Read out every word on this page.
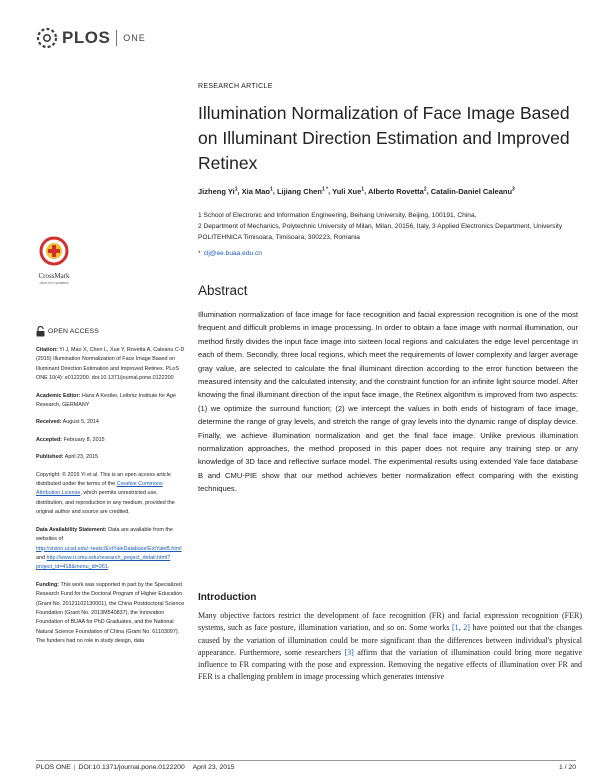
PLOS ONE
RESEARCH ARTICLE
Illumination Normalization of Face Image Based on Illuminant Direction Estimation and Improved Retinex
Jizheng Yi$^1$, Xia Mao$^1$, Lijiang Chen$^{1 *}$, Yuli Xue$^1$, Alberto Rovetta$^2$, Catalin-Daniel Caleanu$^3$
1 School of Electronic and Information Engineering, Beihang University, Beijing, 100191, China,
2 Department of Mechanics, Polytechnic University of Milan, Milan, 20156, Italy, 3 Applied Electronics Department, University POLITEHNICA Timisoara, Timisoara, 300223, Romania
* clj@ee.buaa.edu.cn
Abstract
Illumination normalization of face image for face recognition and facial expression recognition is one of the most frequent and difficult problems in image processing. In order to obtain a face image with normal illumination, our method firstly divides the input face image into sixteen local regions and calculates the edge level percentage in each of them. Secondly, three local regions, which meet the requirements of lower complexity and larger average gray value, are selected to calculate the final illuminant direction according to the error function between the measured intensity and the calculated intensity, and the constraint function for an infinite light source model. After knowing the final illuminant direction of the input face image, the Retinex algorithm is improved from two aspects: (1) we optimize the surround function; (2) we intercept the values in both ends of histogram of face image, determine the range of gray levels, and stretch the range of gray levels into the dynamic range of display device. Finally, we achieve illumination normalization and get the final face image. Unlike previous illumination normalization approaches, the method proposed in this paper does not require any training step or any knowledge of 3D face and reflective surface model. The experimental results using extended Yale face database B and CMU-PIE show that our method achieves better normalization effect comparing with the existing techniques.
Introduction
Many objective factors restrict the development of face recognition (FR) and facial expression recognition (FER) systems, such as face posture, illumination variation, and so on. Some works [1, 2] have pointed out that the changes caused by the variation of illumination could be more significant than the differences between individual's physical appearance. Furthermore, some researchers [3] affirm that the variation of illumination could bring more negative influence to FR comparing with the pose and expression. Removing the negative effects of illumination over FR and FER is a challenging problem in image processing which generates intensive
CrossMark
click for updates
OPEN ACCESS

Citation: Yi J, Mao X, Chen L, Xue Y, Rovetta A, Caleanu C-D (2015) Illumination Normalization of Face Image Based on Illuminant Direction Estimation and Improved Retinex. PLoS ONE 10(4): e0122200. doi:10.1371/journal.pone.0122200

Academic Editor: Hans A Kestler, Leibniz Institute for Age Research, GERMANY

Received: August 5, 2014

Accepted: February 8, 2015

Published: April 23, 2015

Copyright: © 2015 Yi et al. This is an open access article distributed under the terms of the Creative Commons Attribution License, which permits unrestricted use, distribution, and reproduction in any medium, provided the original author and source are credited.

Data Availability Statement: Data are available from the websites of http://vision.ucsd.edu/~leekc/ExtYaleDatabase/ExtYaleB.html and http://www.ri.cmu.edu/research_project_detail.html?project_id=418&menu_id=261.

Funding: This work was supported in part by the Specialized Research Fund for the Doctoral Program of Higher Education (Grant No. 20121102130001), the China Postdoctoral Science Foundation (Grant No. 2013M540837), the Innovation Foundation of BUAA for PhD Graduates, and the National Natural Science Foundation of China (Grant No. 61103097). The funders had no role in study design, data

PLOS ONE | DOI:10.1371/journal.pone.0122200 April 23, 2015	1 / 20
